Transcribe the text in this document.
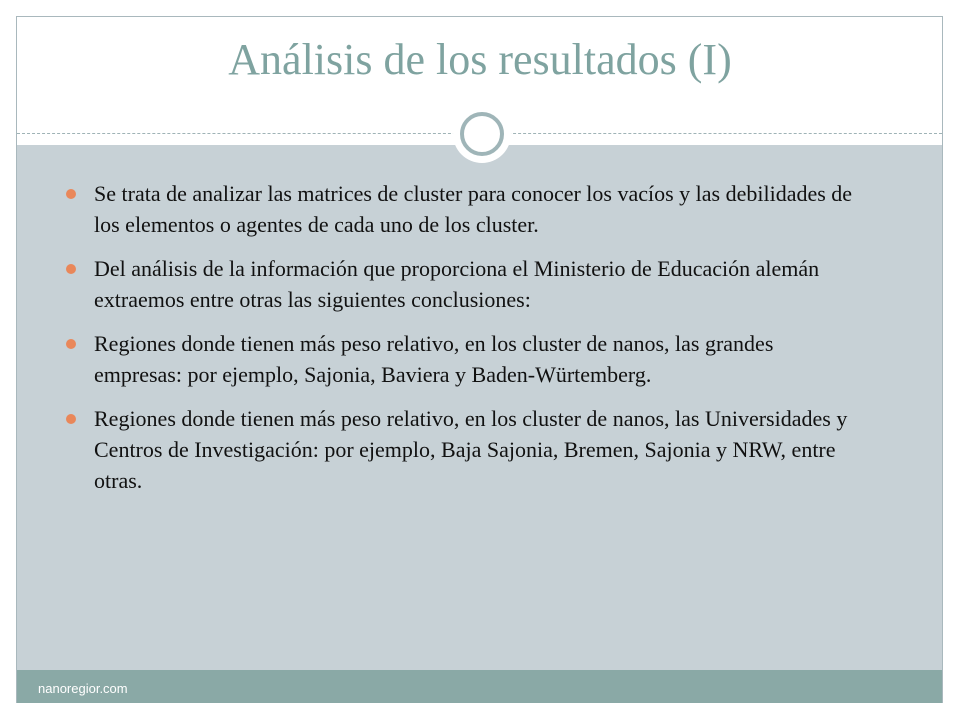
Análisis de los resultados (I)
Se trata de analizar las matrices de cluster para conocer los vacíos y las debilidades de los elementos o agentes de cada uno de los cluster.
Del análisis de la información que proporciona el Ministerio de Educación alemán extraemos entre otras las siguientes conclusiones:
Regiones donde tienen más peso relativo, en los cluster de nanos, las grandes empresas: por ejemplo, Sajonia, Baviera y Baden-Würtemberg.
Regiones donde tienen más peso relativo, en los cluster de nanos, las Universidades y Centros de Investigación: por ejemplo, Baja Sajonia, Bremen, Sajonia y NRW, entre otras.
nanoregior.com
